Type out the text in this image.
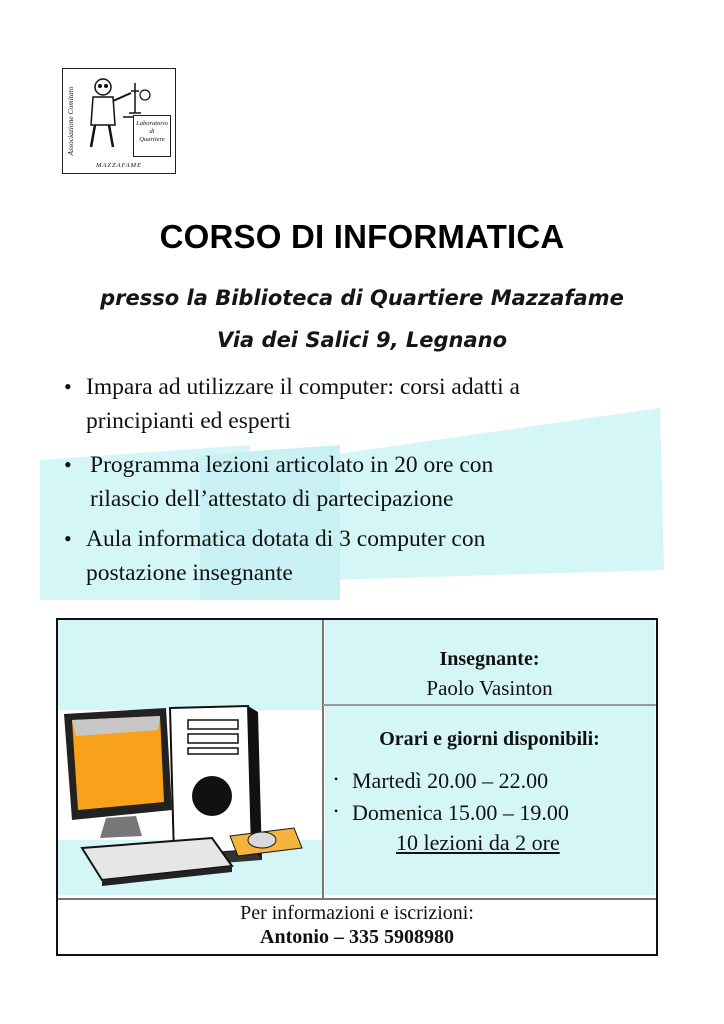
Associazione Comitato	Laboratorio
di
Quartiere
MAZZAFAME
CORSO DI INFORMATICA
presso la Biblioteca di Quartiere Mazzafame
Via dei Salici 9, Legnano
• Impara ad utilizzare il computer: corsi adatti a
principianti ed esperti
• Programma lezioni articolato in 20 ore con
rilascio dell’attestato di partecipazione
• Aula informatica dotata di 3 computer con
postazione insegnante
Insegnante:
Paolo Vasinton
Orari e giorni disponibili:
• Martedì 20.00 – 22.00
• Domenica 15.00 – 19.00
10 lezioni da 2 ore
Per informazioni e iscrizioni:
Antonio – 335 5908980
